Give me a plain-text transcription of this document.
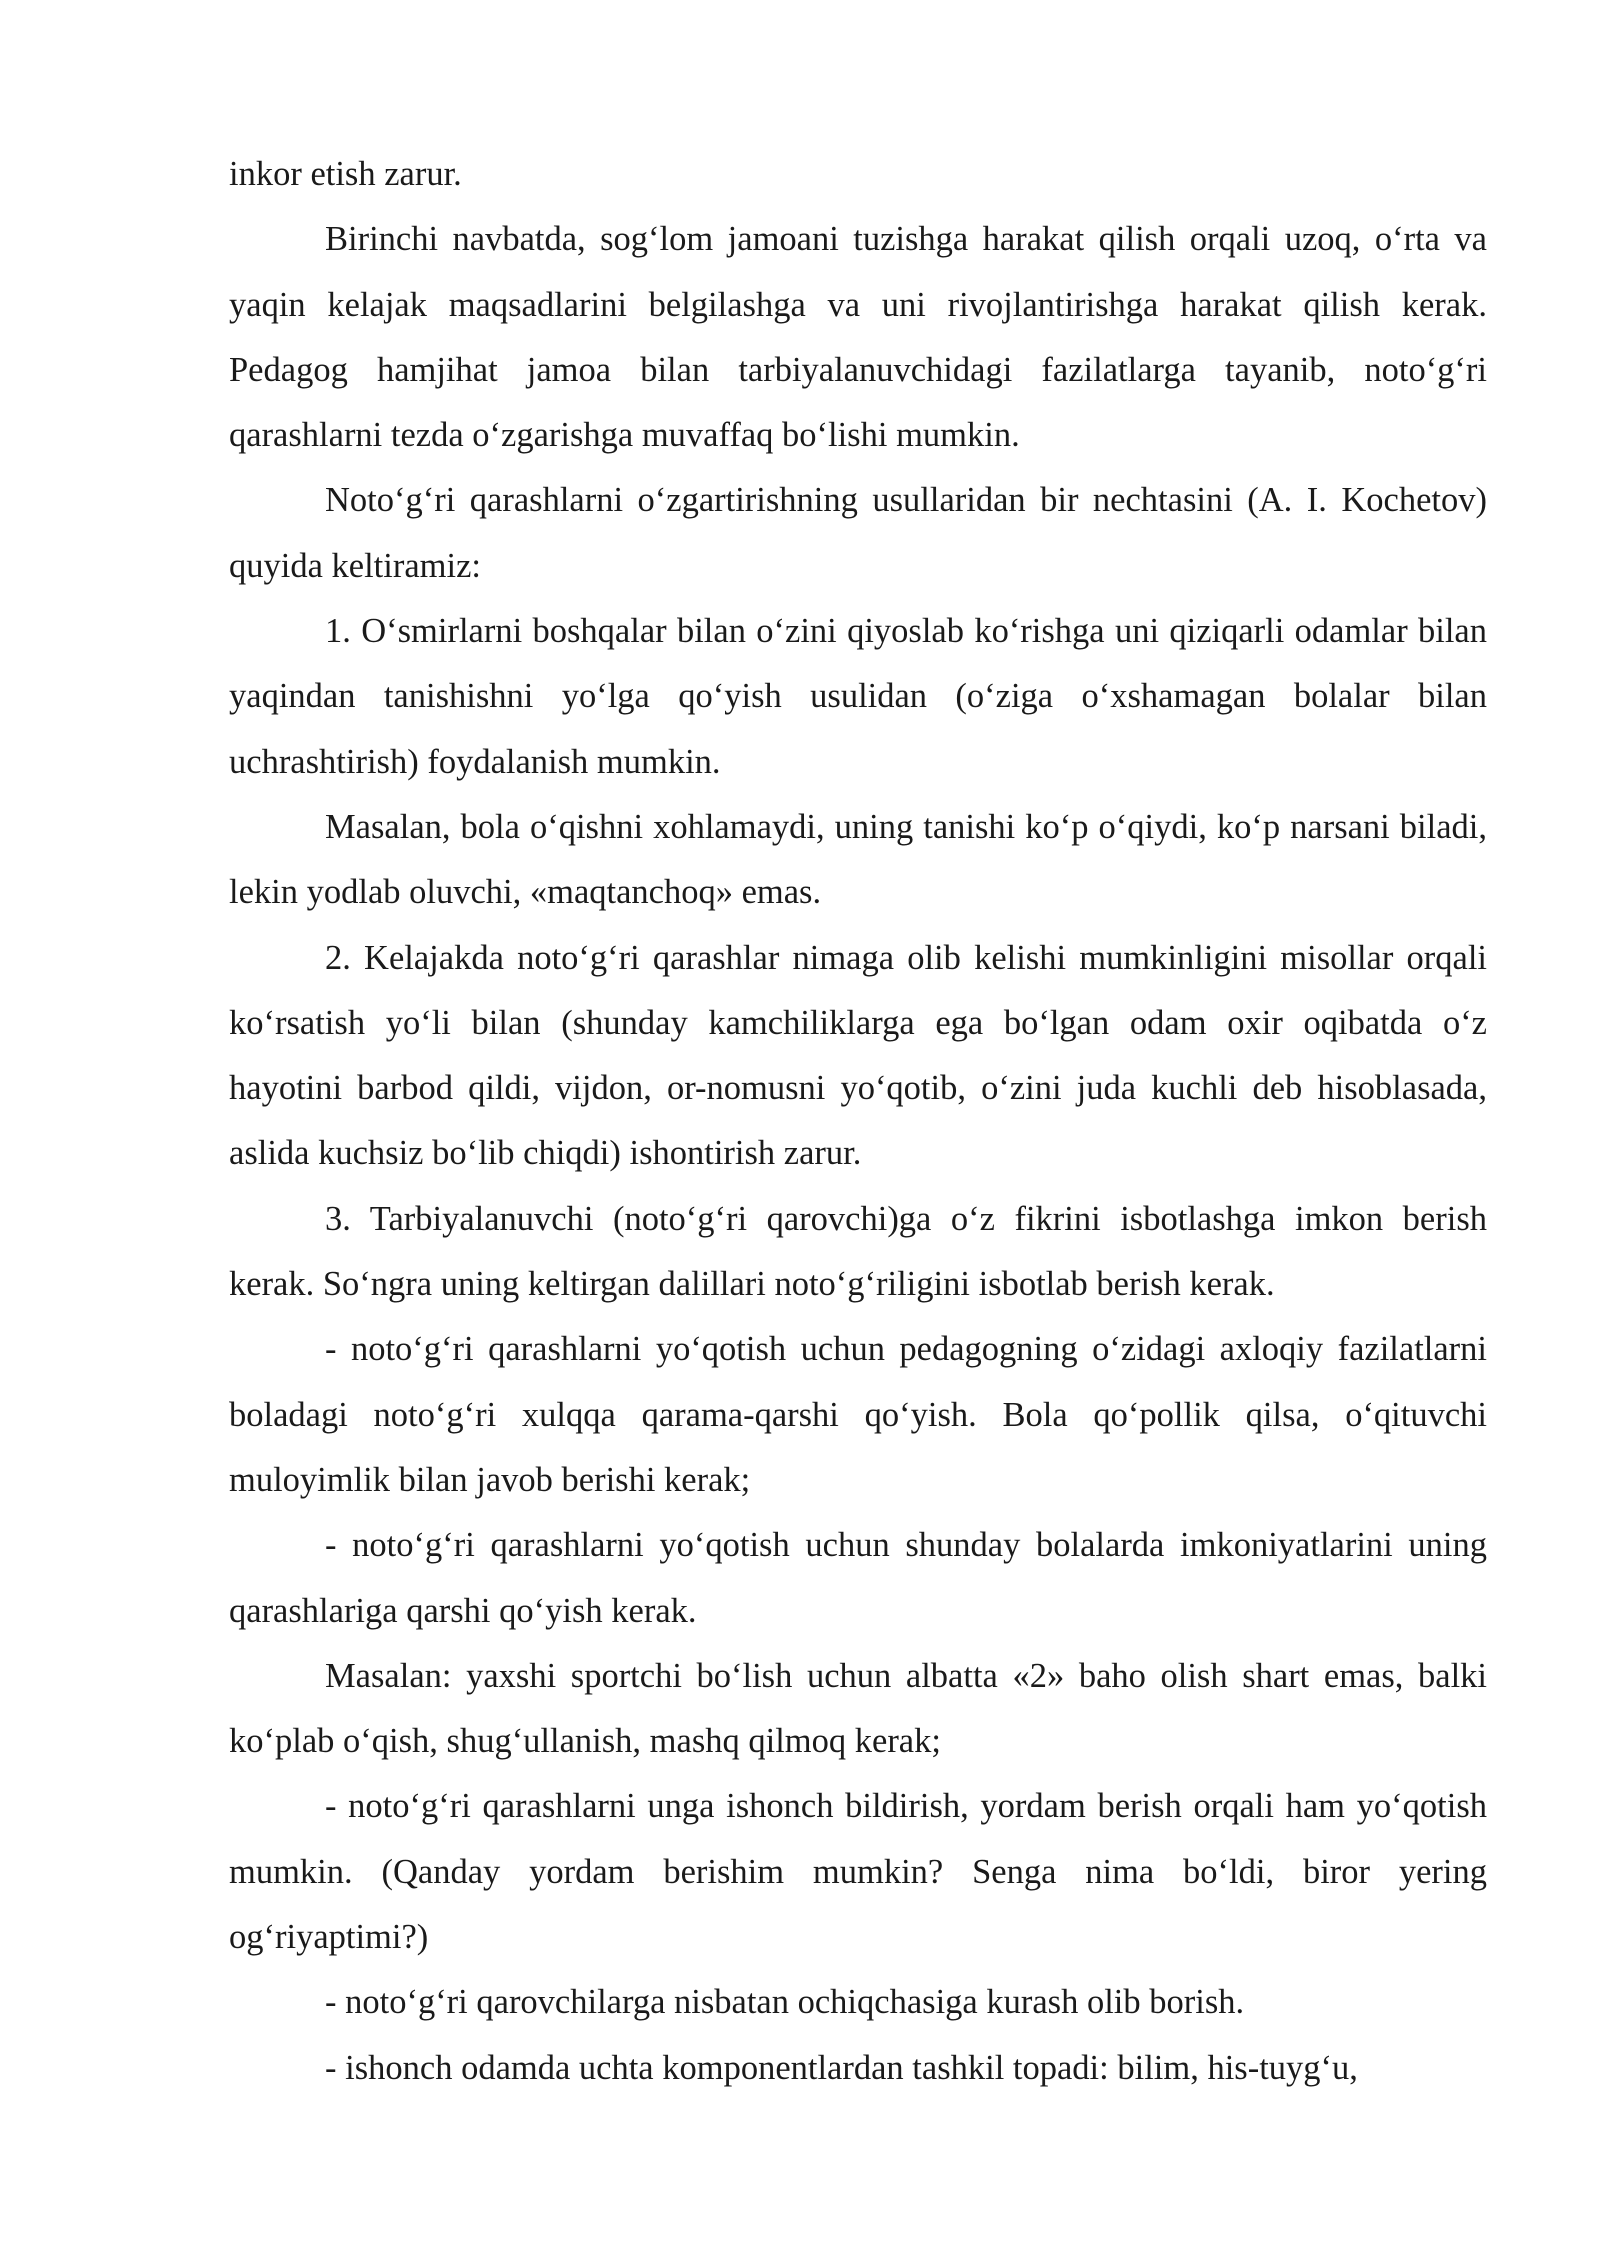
inkor etish zarur.

Birinchi navbatda, sog‘lom jamoani tuzishga harakat qilish orqali uzoq, o‘rta va yaqin kelajak maqsadlarini belgilashga va uni rivojlantirishga harakat qilish kerak. Pedagog hamjihat jamoa bilan tarbiyalanuvchidagi fazilatlarga tayanib, noto‘g‘ri qarashlarni tezda o‘zgarishga muvaffaq bo‘lishi mumkin.

Noto‘g‘ri qarashlarni o‘zgartirishning usullaridan bir nechtasini (A. I. Kochetov) quyida keltiramiz:

1. O‘smirlarni boshqalar bilan o‘zini qiyoslab ko‘rishga uni qiziqarli odamlar bilan yaqindan tanishishni yo‘lga qo‘yish usulidan (o‘ziga o‘xshamagan bolalar bilan uchrashtirish) foydalanish mumkin.

Masalan, bola o‘qishni xohlamaydi, uning tanishi ko‘p o‘qiydi, ko‘p narsani biladi, lekin yodlab oluvchi, «maqtanchoq» emas.

2. Kelajakda noto‘g‘ri qarashlar nimaga olib kelishi mumkinligini misollar orqali ko‘rsatish yo‘li bilan (shunday kamchiliklarga ega bo‘lgan odam oxir oqibatda o‘z hayotini barbod qildi, vijdon, or-nomusni yo‘qotib, o‘zini juda kuchli deb hisoblasada, aslida kuchsiz bo‘lib chiqdi) ishontirish zarur.

3. Tarbiyalanuvchi (noto‘g‘ri qarovchi)ga o‘z fikrini isbotlashga imkon berish kerak. So‘ngra uning keltirgan dalillari noto‘g‘riligini isbotlab berish kerak.

- noto‘g‘ri qarashlarni yo‘qotish uchun pedagogning o‘zidagi axloqiy fazilatlarni boladagi noto‘g‘ri xulqqa qarama-qarshi qo‘yish. Bola qo‘pollik qilsa, o‘qituvchi muloyimlik bilan javob berishi kerak;

- noto‘g‘ri qarashlarni yo‘qotish uchun shunday bolalarda imkoniyatlarini uning qarashlariga qarshi qo‘yish kerak.

Masalan: yaxshi sportchi bo‘lish uchun albatta «2» baho olish shart emas, balki ko‘plab o‘qish, shug‘ullanish, mashq qilmoq kerak;

- noto‘g‘ri qarashlarni unga ishonch bildirish, yordam berish orqali ham yo‘qotish mumkin. (Qanday yordam berishim mumkin? Senga nima bo‘ldi, biror yering og‘riyaptimi?)

- noto‘g‘ri qarovchilarga nisbatan ochiqchasiga kurash olib borish.

- ishonch odamda uchta komponentlardan tashkil topadi: bilim, his-tuyg‘u,
